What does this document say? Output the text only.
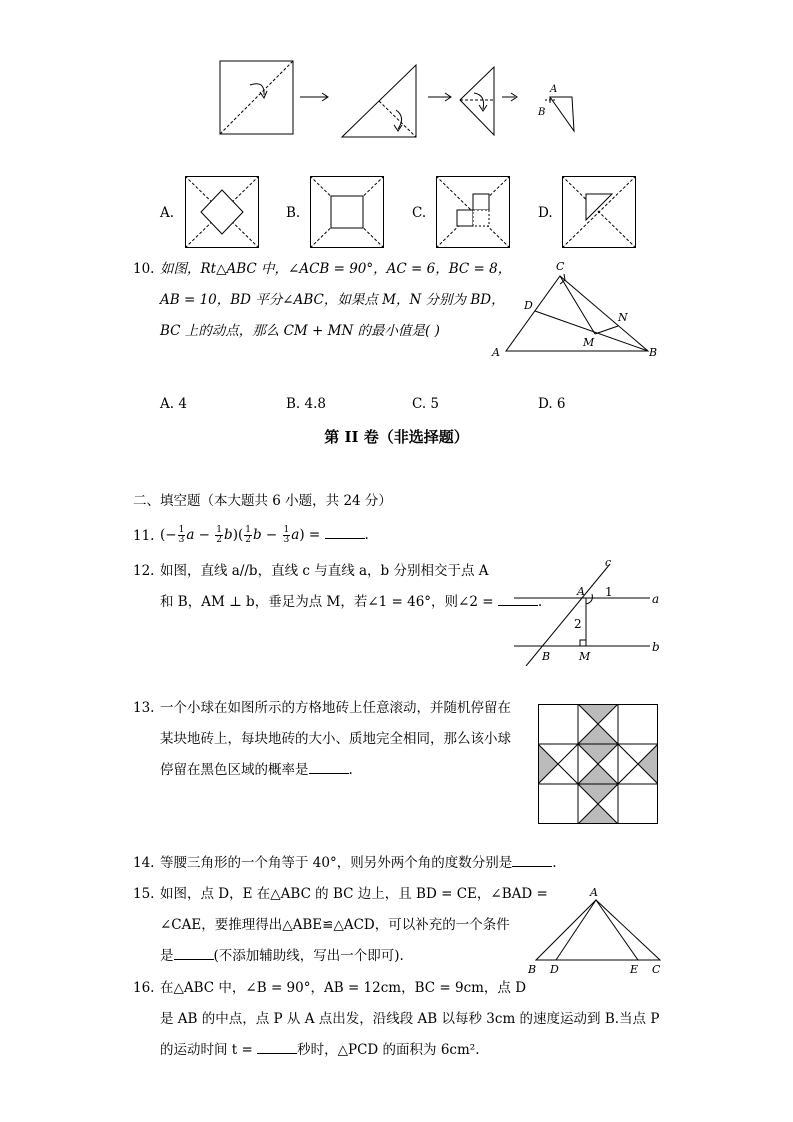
A
B
A.	B.	C.	D.
10. 如图，Rt△ABC 中，∠ACB = 90°，AC = 6，BC = 8，
AB = 10，BD 平分∠ABC，如果点 M，N 分别为 BD，
BC 上的动点，那么 CM + MN 的最小值是( )
C
D
N
M
A	B
A. 4	B. 4.8	C. 5	D. 6
第 II 卷（非选择题）
二、填空题（本大题共 6 小题，共 24 分）
11. (− $\frac{1}{3}$ $a - \frac{1}{2} b)( \frac{1}{2}$ $b - \frac{1}{3} a$) =	.
12. 如图，直线 a//b，直线 c 与直线 a，b 分别相交于点 A
和 B，AM ⊥ b，垂足为点 M，若∠1 = 46°，则∠2 =	.
c
A 1	a
2
b
B	M
13. 一个小球在如图所示的方格地砖上任意滚动，并随机停留在
某块地砖上，每块地砖的大小、质地完全相同，那么该小球
停留在黑色区域的概率是	.
14. 等腰三角形的一个角等于 40°，则另外两个角的度数分别是	.
15. 如图，点 D，E 在△ABC 的 BC 边上，且 BD = CE，∠BAD =
∠CAE，要推理得出△ABE≌△ACD，可以补充的一个条件
是	(不添加辅助线，写出一个即可).
A
B D	E C
16. 在△ABC 中，∠B = 90°，AB = 12cm，BC = 9cm，点 D
是 AB 的中点，点 P 从 A 点出发，沿线段 AB 以每秒 3cm 的速度运动到 B.当点 P
的运动时间 t =	秒时，△PCD 的面积为 6cm².
